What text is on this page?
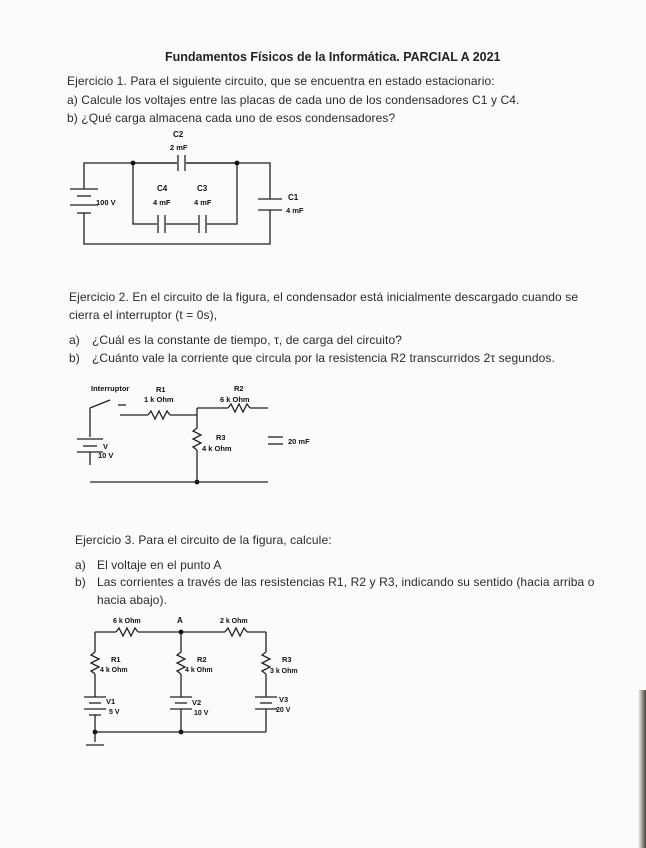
Fundamentos Físicos de la Informática. PARCIAL A 2021
Ejercicio 1. Para el siguiente circuito, que se encuentra en estado estacionario:
a) Calcule los voltajes entre las placas de cada uno de los condensadores C1 y C4.
b) ¿Qué carga almacena cada uno de esos condensadores?
100 V
C1
4 mF
C2
2 mF
C4
4 mF
C3
4 mF
Ejercicio 2. En el circuito de la figura, el condensador está inicialmente descargado cuando se
cierra el interruptor (t = 0s),
a) ¿Cuál es la constante de tiempo, τ, de carga del circuito?
b) ¿Cuánto vale la corriente que circula por la resistencia R2 transcurridos 2τ segundos.
Interruptor	R1
1 k Ohm
R2
6 k Ohm
R3
4 k Ohm
20 mF
V
10 V
Ejercicio 3. Para el circuito de la figura, calcule:
a) El voltaje en el punto A
b) Las corrientes a través de las resistencias R1, R2 y R3, indicando su sentido (hacia arriba o
hacia abajo).
6 k Ohm	A	2 k Ohm
R1
4 k Ohm
V1
5 V
R2
4 k Ohm
V2
10 V
R3
3 k Ohm
V3
20 V
